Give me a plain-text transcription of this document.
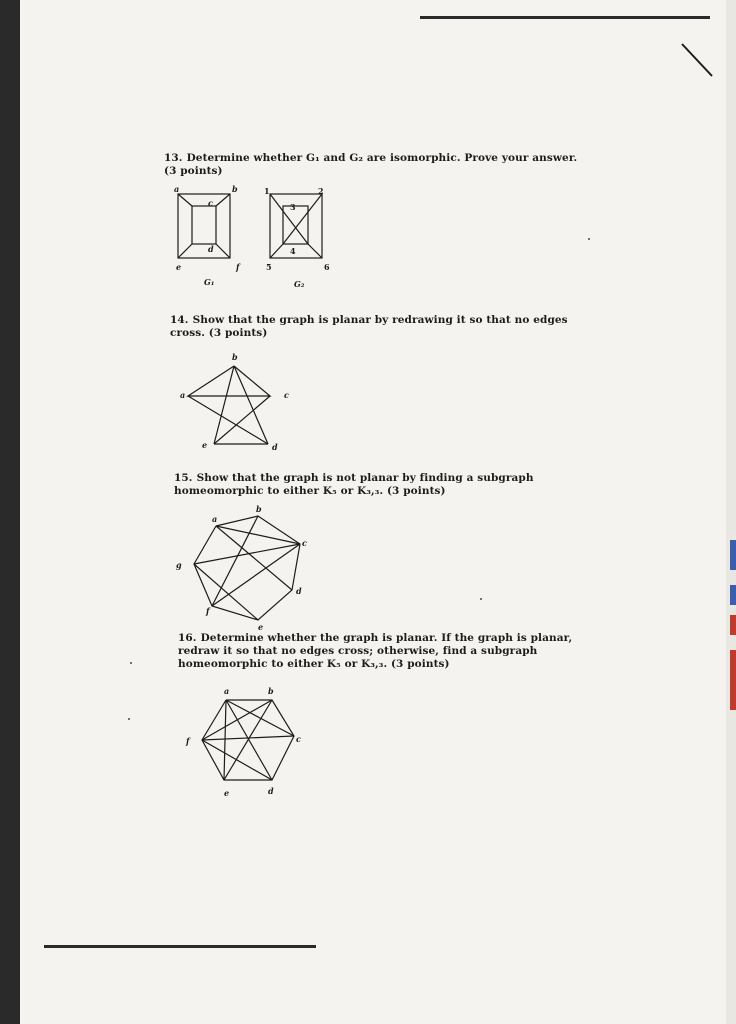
13. Determine whether G₁ and G₂ are isomorphic. Prove your answer. (3 points)
a	b
c
d
e	f
G₁
1	2
3
4
5	6
G₂
14. Show that the graph is planar by redrawing it so that no edges cross. (3 points)
b
a	c
d
e
15. Show that the graph is not planar by finding a subgraph homeomorphic to either K₅ or K₃,₃. (3 points)
a
b
c
d
e
f
g
16. Determine whether the graph is planar. If the graph is planar, redraw it so that no edges cross; otherwise, find a subgraph homeomorphic to either K₅ or K₃,₃. (3 points)
a	b
c
d
e
f
